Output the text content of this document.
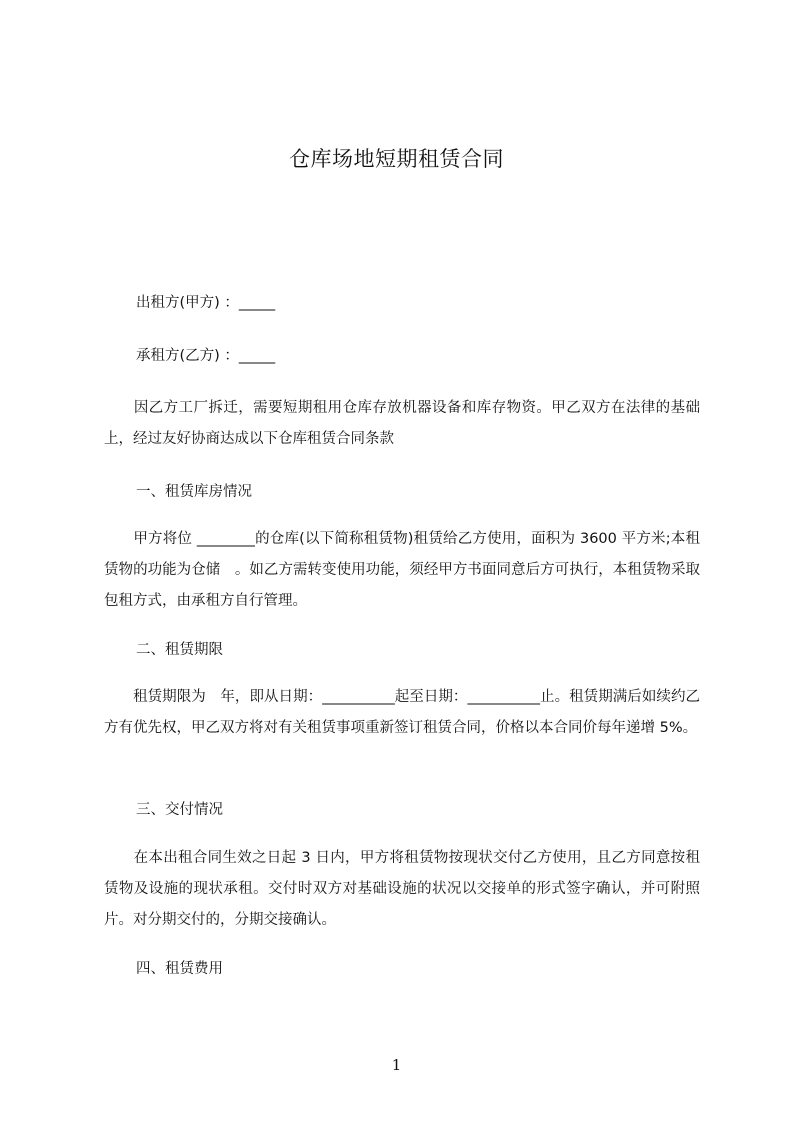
仓库场地短期租赁合同
出租方(甲方) ：_____
承租方(乙方) ：_____
　　因乙方工厂拆迁，需要短期租用仓库存放机器设备和库存物资。甲乙双方在法律的基础上，经过友好协商达成以下仓库租赁合同条款
一、租赁库房情况
　　甲方将位 ________的仓库(以下简称租赁物)租赁给乙方使用，面积为 3600 平方米;本租赁物的功能为仓储　。如乙方需转变使用功能，须经甲方书面同意后方可执行，本租赁物采取包租方式，由承租方自行管理。
二、租赁期限
　　租赁期限为　年，即从日期：__________起至日期：__________止。租赁期满后如续约乙方有优先权，甲乙双方将对有关租赁事项重新签订租赁合同，价格以本合同价每年递增 5%。
三、交付情况
　　在本出租合同生效之日起 3 日内，甲方将租赁物按现状交付乙方使用，且乙方同意按租赁物及设施的现状承租。交付时双方对基础设施的状况以交接单的形式签字确认，并可附照片。对分期交付的，分期交接确认。
四、租赁费用
1
